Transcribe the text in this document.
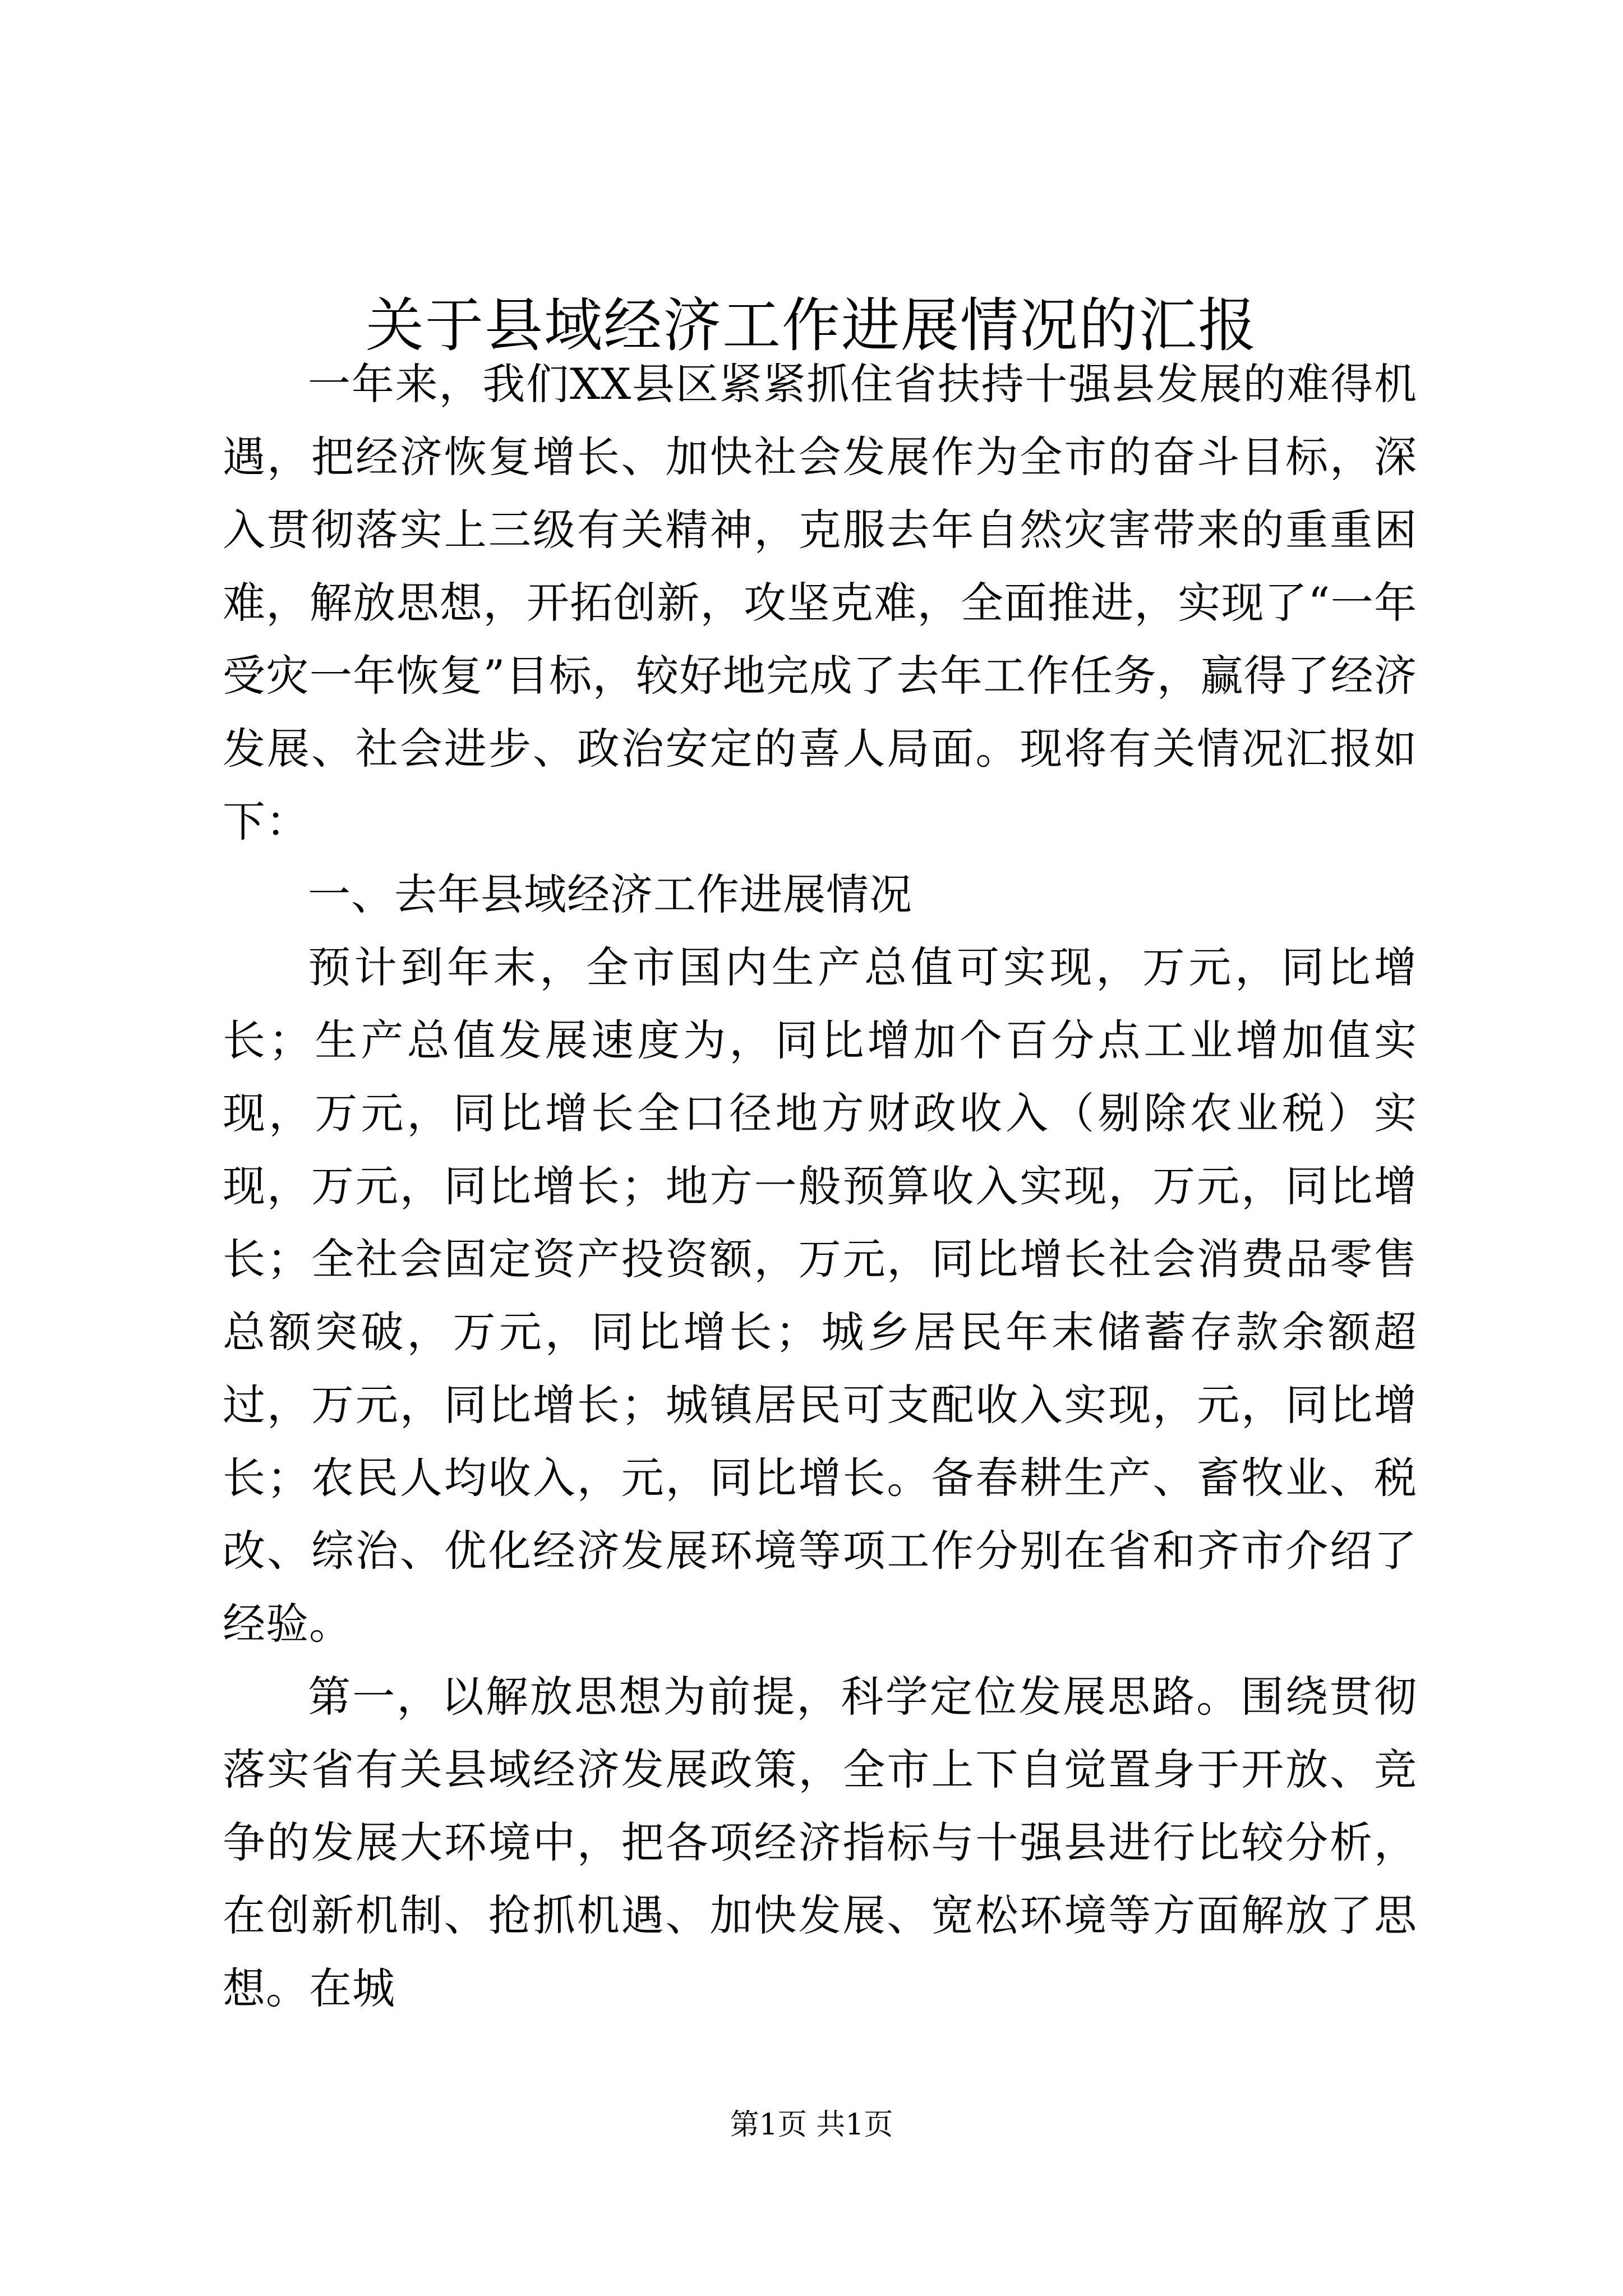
关于县域经济工作进展情况的汇报

一年来，我们XX县区紧紧抓住省扶持十强县发展的难得机遇，把经济恢复增长、加快社会发展作为全市的奋斗目标，深入贯彻落实上三级有关精神，克服去年自然灾害带来的重重困难，解放思想，开拓创新，攻坚克难，全面推进，实现了“一年受灾一年恢复”目标，较好地完成了去年工作任务，赢得了经济发展、社会进步、政治安定的喜人局面。现将有关情况汇报如下：

一、去年县域经济工作进展情况

预计到年末，全市国内生产总值可实现，万元，同比增长；生产总值发展速度为，同比增加个百分点工业增加值实现，万元，同比增长全口径地方财政收入（剔除农业税）实现，万元，同比增长；地方一般预算收入实现，万元，同比增长；全社会固定资产投资额，万元，同比增长社会消费品零售总额突破，万元，同比增长；城乡居民年末储蓄存款余额超过，万元，同比增长；城镇居民可支配收入实现，元，同比增长；农民人均收入，元，同比增长。备春耕生产、畜牧业、税改、综治、优化经济发展环境等项工作分别在省和齐市介绍了经验。

第一，以解放思想为前提，科学定位发展思路。围绕贯彻落实省有关县域经济发展政策，全市上下自觉置身于开放、竞争的发展大环境中，把各项经济指标与十强县进行比较分析，在创新机制、抢抓机遇、加快发展、宽松环境等方面解放了思想。在城

第1页 共1页
